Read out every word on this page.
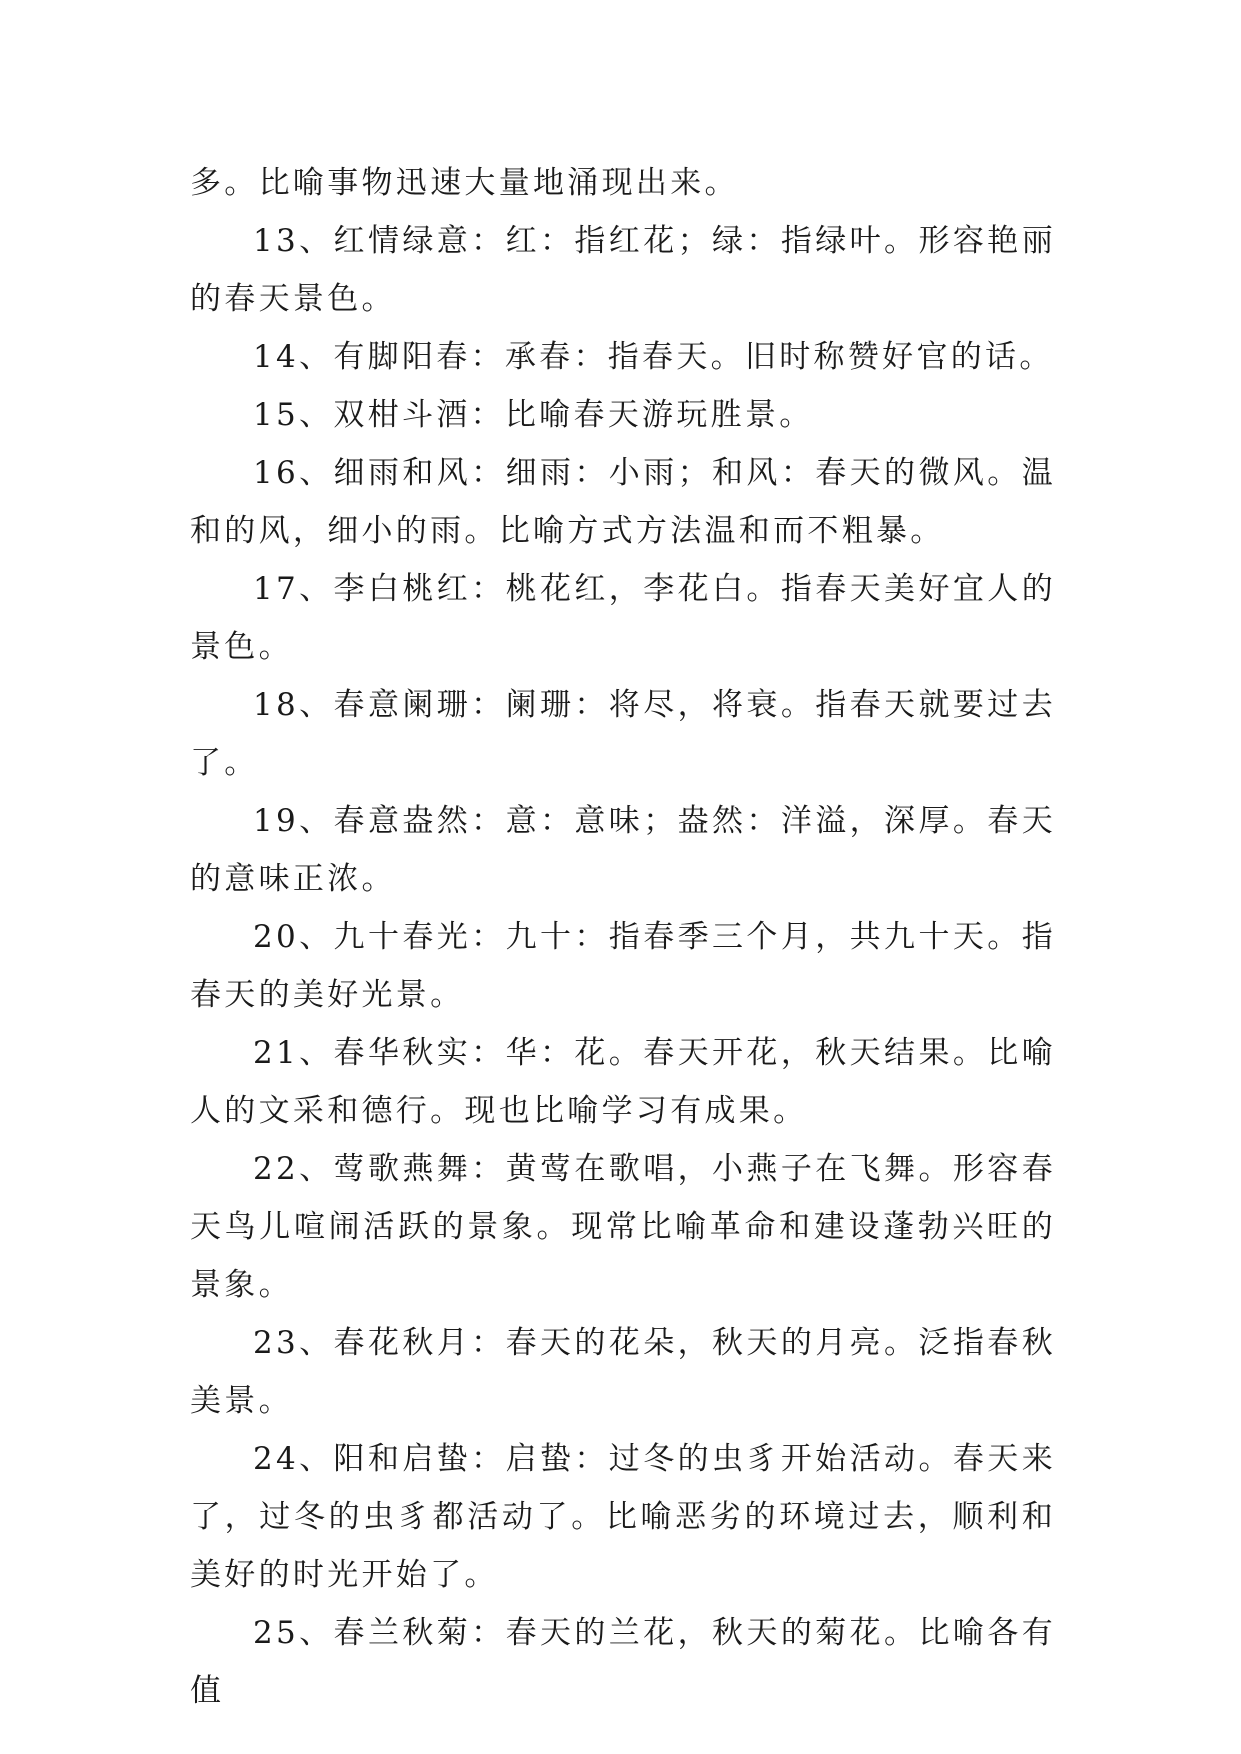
多。比喻事物迅速大量地涌现出来。

13、红情绿意：红：指红花；绿：指绿叶。形容艳丽的春天景色。

14、有脚阳春：承春：指春天。旧时称赞好官的话。

15、双柑斗酒：比喻春天游玩胜景。

16、细雨和风：细雨：小雨；和风：春天的微风。温和的风，细小的雨。比喻方式方法温和而不粗暴。

17、李白桃红：桃花红，李花白。指春天美好宜人的景色。

18、春意阑珊：阑珊：将尽，将衰。指春天就要过去了。

19、春意盎然：意：意味；盎然：洋溢，深厚。春天的意味正浓。

20、九十春光：九十：指春季三个月，共九十天。指春天的美好光景。

21、春华秋实：华：花。春天开花，秋天结果。比喻人的文采和德行。现也比喻学习有成果。

22、莺歌燕舞：黄莺在歌唱，小燕子在飞舞。形容春天鸟儿喧闹活跃的景象。现常比喻革命和建设蓬勃兴旺的景象。

23、春花秋月：春天的花朵，秋天的月亮。泛指春秋美景。

24、阳和启蛰：启蛰：过冬的虫豸开始活动。春天来了，过冬的虫豸都活动了。比喻恶劣的环境过去，顺利和美好的时光开始了。

25、春兰秋菊：春天的兰花，秋天的菊花。比喻各有值
